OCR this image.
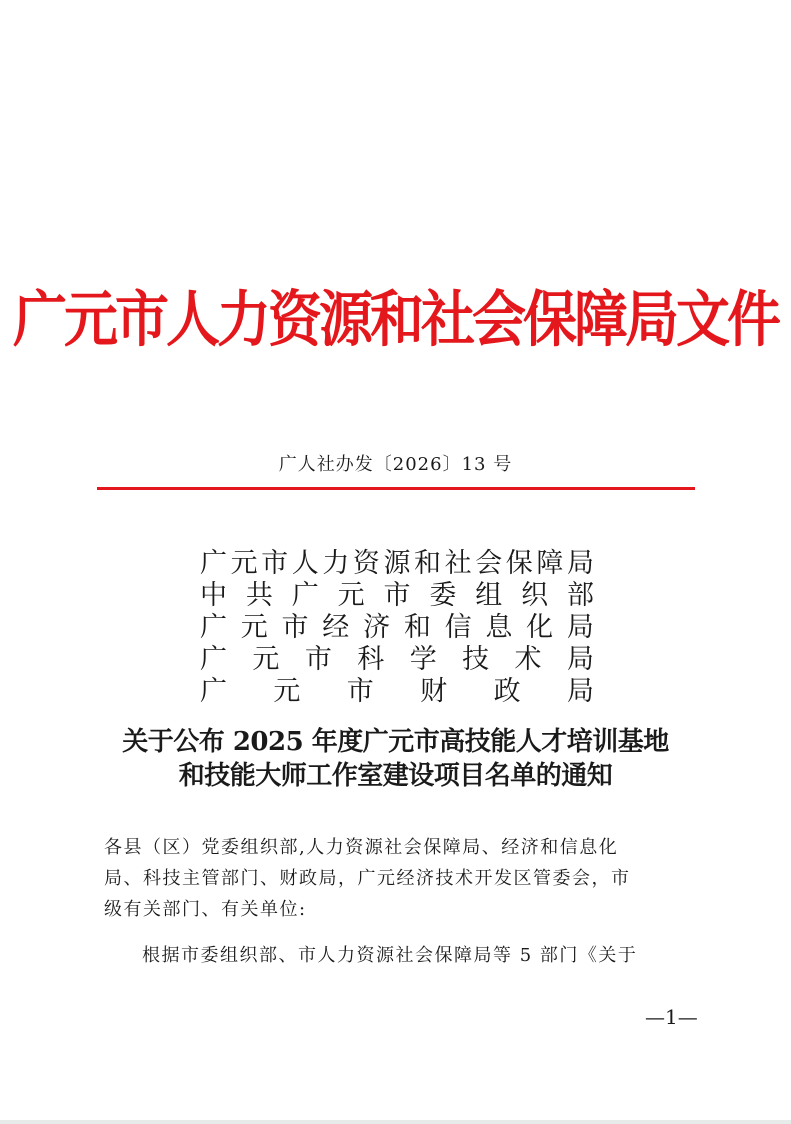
广元市人力资源和社会保障局文件
广人社办发〔2026〕13 号
广 元 市 人 力 资 源 和 社 会 保 障 局
中 共 广 元 市 委 组 织 部
广 元 市 经 济 和 信 息 化 局
广 元 市 科 学 技 术 局
广 元 市 财 政 局
关于公布 2025 年度广元市高技能人才培训基地
和技能大师工作室建设项目名单的通知
各县（区）党委组织部,人力资源社会保障局、经济和信息化
局、科技主管部门、财政局，广元经济技术开发区管委会，市
级有关部门、有关单位:
根据市委组织部、市人力资源社会保障局等 5 部门《关于
—1—
